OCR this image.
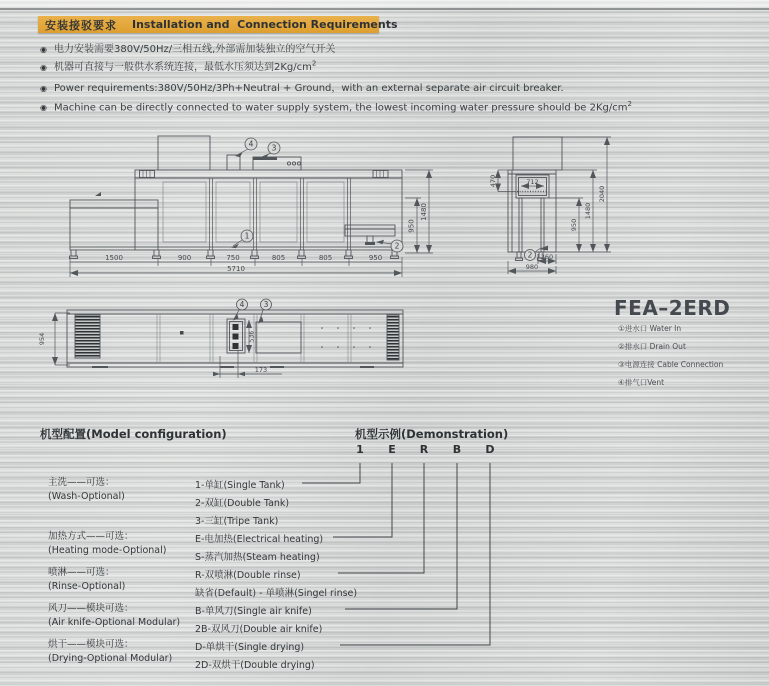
安装接驳要求 Installation and  Connection Requirements
◉ 电力安装需要380V/50Hz/三相五线,外部需加装独立的空气开关
◉ 机器可直接与一般供水系统连接，最低水压须达到$2Kg/cm^2$
◉ Power requirements:380V/50Hz/3Ph+Neutral + Ground，with an external separate air circuit breaker.
◉ Machine can be directly connected to water supply system, the lowest incoming water pressure should be $2Kg/cm^2$
1500	900	750	805	805	950
5710
950
1480
1
2
4 3
712
470
950
1480
2040
260
980
2
954	536
173
4	3	FEA–2ERD
①进水口 Water In
②排水口 Drain Out
③电源连接 Cable Connection
④排气口Vent
机型配置(Model configuration)	机型示例(Demonstration)
1 E R B D
主洗——可选：
(Wash-Optional)
加热方式——可选：
(Heating mode-Optional)
喷淋——可选：
(Rinse-Optional)
风刀——模块可选：
(Air knife-Optional Modular)
烘干——模块可选：
(Drying-Optional Modular)
1-单缸(Single Tank)
2-双缸(Double Tank)
3-三缸(Tripe Tank)
E-电加热(Electrical heating)
S-蒸汽加热(Steam heating)
R-双喷淋(Double rinse)
缺省(Default) - 单喷淋(Singel rinse)
B-单风刀(Single air knife)
2B-双风刀(Double air knife)
D-单烘干(Single drying)
2D-双烘干(Double drying)
